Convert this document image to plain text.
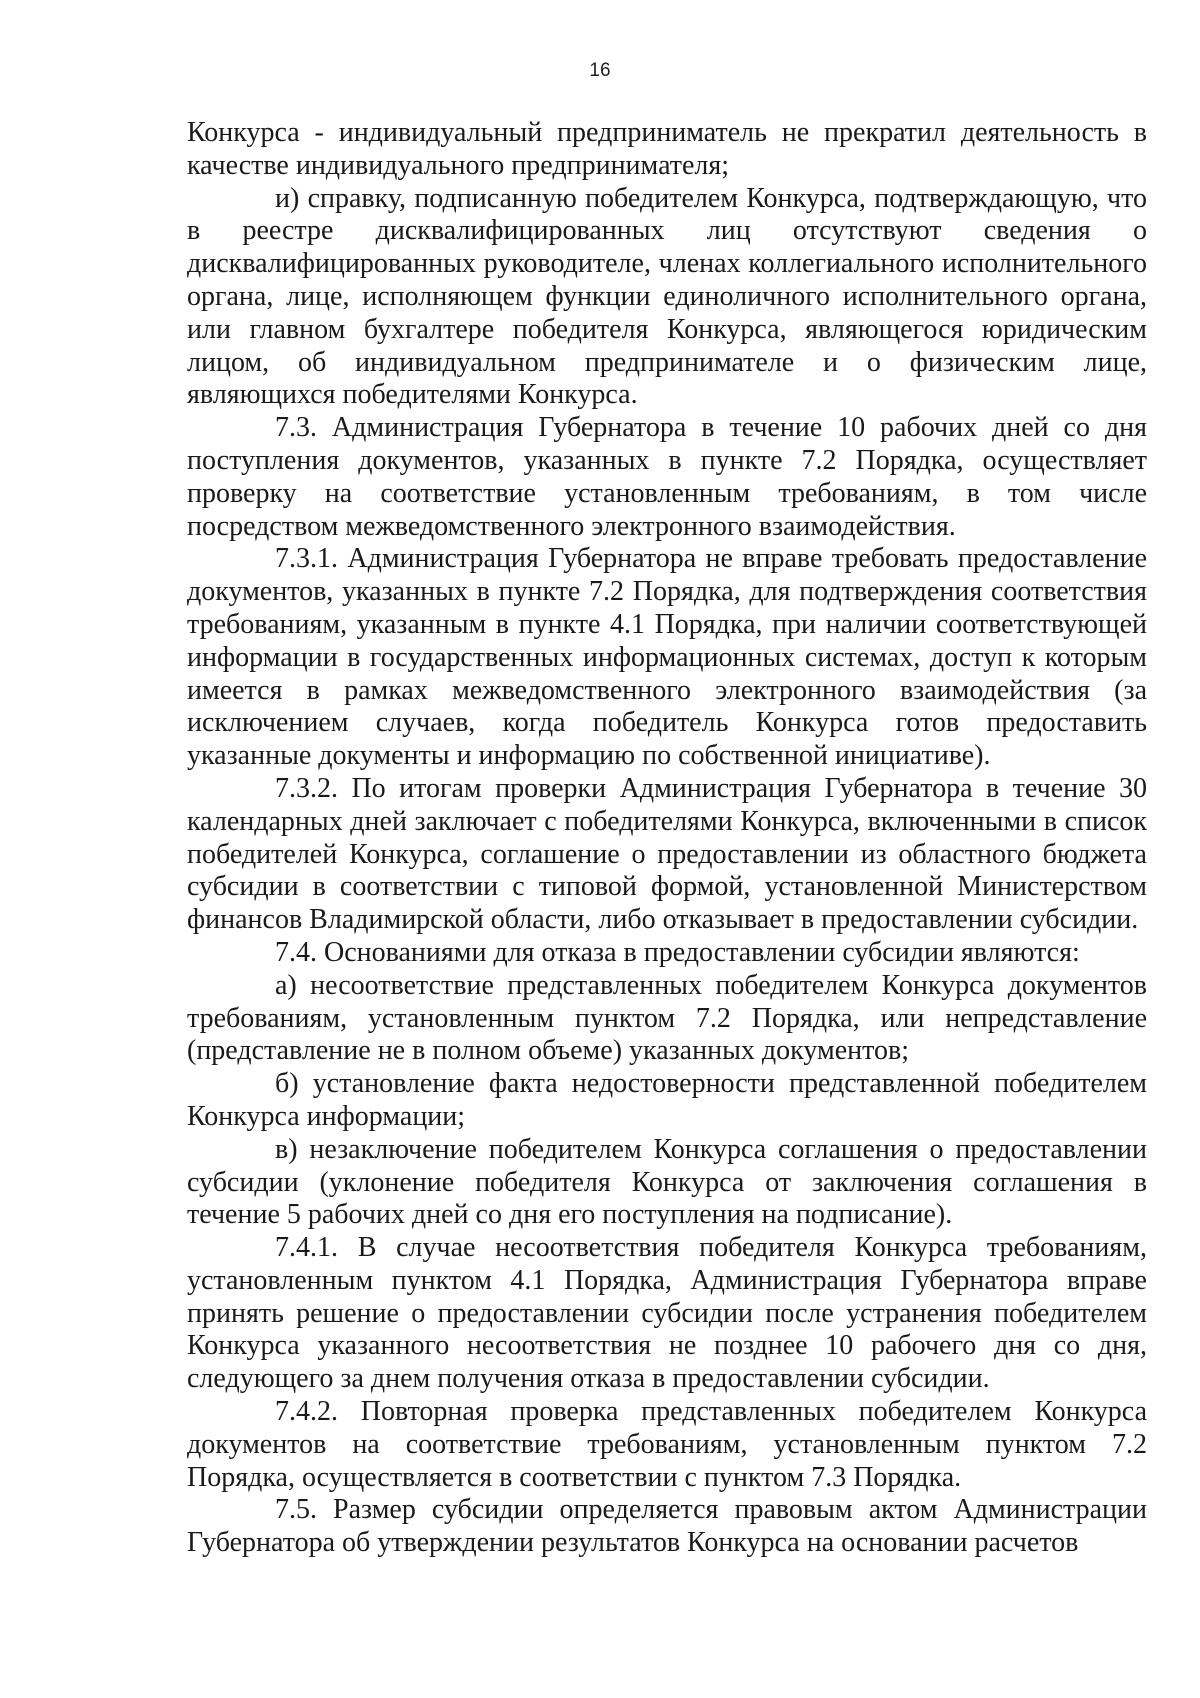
16

Конкурса - индивидуальный предприниматель не прекратил деятельность в качестве индивидуального предпринимателя;

и) справку, подписанную победителем Конкурса, подтверждающую, что в реестре дисквалифицированных лиц отсутствуют сведения о дисквалифицированных руководителе, членах коллегиального исполнительного органа, лице, исполняющем функции единоличного исполнительного органа, или главном бухгалтере победителя Конкурса, являющегося юридическим лицом, об индивидуальном предпринимателе и о физическим лице, являющихся победителями Конкурса.

7.3. Администрация Губернатора в течение 10 рабочих дней со дня поступления документов, указанных в пункте 7.2 Порядка, осуществляет проверку на соответствие установленным требованиям, в том числе посредством межведомственного электронного взаимодействия.

7.3.1. Администрация Губернатора не вправе требовать предоставление документов, указанных в пункте 7.2 Порядка, для подтверждения соответствия требованиям, указанным в пункте 4.1 Порядка, при наличии соответствующей информации в государственных информационных системах, доступ к которым имеется в рамках межведомственного электронного взаимодействия (за исключением случаев, когда победитель Конкурса готов предоставить указанные документы и информацию по собственной инициативе).

7.3.2. По итогам проверки Администрация Губернатора в течение 30 календарных дней заключает с победителями Конкурса, включенными в список победителей Конкурса, соглашение о предоставлении из областного бюджета субсидии в соответствии с типовой формой, установленной Министерством финансов Владимирской области, либо отказывает в предоставлении субсидии.

7.4. Основаниями для отказа в предоставлении субсидии являются:

а) несоответствие представленных победителем Конкурса документов требованиям, установленным пунктом 7.2 Порядка, или непредставление (представление не в полном объеме) указанных документов;

б) установление факта недостоверности представленной победителем Конкурса информации;

в) незаключение победителем Конкурса соглашения о предоставлении субсидии (уклонение победителя Конкурса от заключения соглашения в течение 5 рабочих дней со дня его поступления на подписание).

7.4.1. В случае несоответствия победителя Конкурса требованиям, установленным пунктом 4.1 Порядка, Администрация Губернатора вправе принять решение о предоставлении субсидии после устранения победителем Конкурса указанного несоответствия не позднее 10 рабочего дня со дня, следующего за днем получения отказа в предоставлении субсидии.

7.4.2. Повторная проверка представленных победителем Конкурса документов на соответствие требованиям, установленным пунктом 7.2 Порядка, осуществляется в соответствии с пунктом 7.3 Порядка.

7.5. Размер субсидии определяется правовым актом Администрации Губернатора об утверждении результатов Конкурса на основании расчетов
